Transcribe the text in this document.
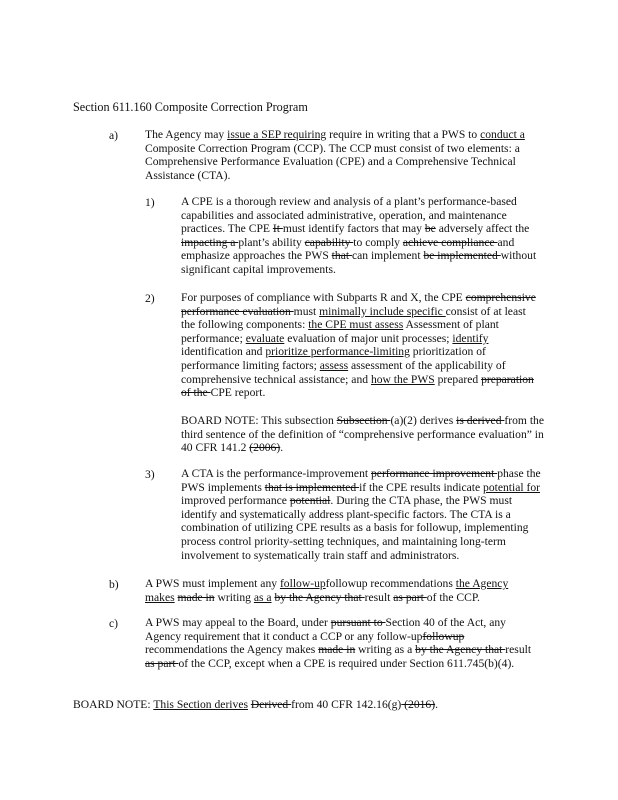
Section 611.160 Composite Correction Program
a) The Agency may issue a SEP requiring require in writing that a PWS to conduct a Composite Correction Program (CCP). The CCP must consist of two elements: a Comprehensive Performance Evaluation (CPE) and a Comprehensive Technical Assistance (CTA).
1) A CPE is a thorough review and analysis of a plant’s performance-based capabilities and associated administrative, operation, and maintenance practices. The CPE It must identify factors that may be adversely affect the impacting a plant’s ability capability to comply achieve compliance and emphasize approaches the PWS that can implement be implemented without significant capital improvements.
2) For purposes of compliance with Subparts R and X, the CPE comprehensive performance evaluation must minimally include specific consist of at least the following components: the CPE must assess Assessment of plant performance; evaluate evaluation of major unit processes; identify identification and prioritize performance-limiting prioritization of performance limiting factors; assess assessment of the applicability of comprehensive technical assistance; and how the PWS prepared preparation of the CPE report.
BOARD NOTE: This subsection Subsection (a)(2) derives is derived from the third sentence of the definition of “comprehensive performance evaluation” in 40 CFR 141.2 (2006).
3) A CTA is the performance-improvement performance improvement phase the PWS implements that is implemented if the CPE results indicate potential for improved performance potential. During the CTA phase, the PWS must identify and systematically address plant-specific factors. The CTA is a combination of utilizing CPE results as a basis for followup, implementing process control priority-setting techniques, and maintaining long-term involvement to systematically train staff and administrators.
b) A PWS must implement any follow-upfollowup recommendations the Agency makes made in writing as a by the Agency that result as part of the CCP.
c) A PWS may appeal to the Board, under pursuant to Section 40 of the Act, any Agency requirement that it conduct a CCP or any follow-upfollowup recommendations the Agency makes made in writing as a by the Agency that result as part of the CCP, except when a CPE is required under Section 611.745(b)(4).
BOARD NOTE: This Section derives Derived from 40 CFR 142.16(g) (2016).
